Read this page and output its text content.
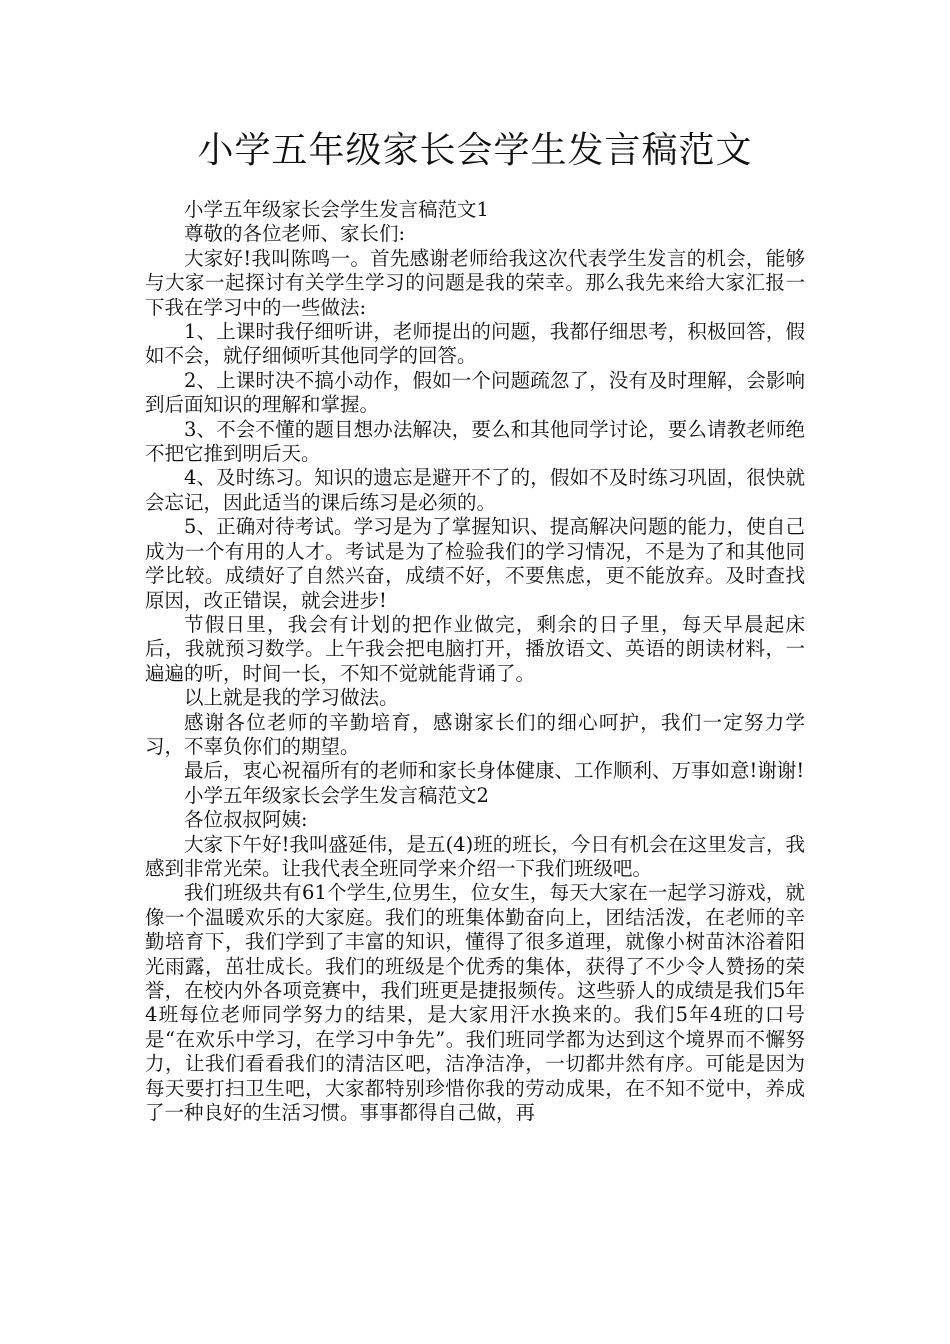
小学五年级家长会学生发言稿范文

小学五年级家长会学生发言稿范文1

尊敬的各位老师、家长们:

大家好!我叫陈鸣一。首先感谢老师给我这次代表学生发言的机会，能够与大家一起探讨有关学生学习的问题是我的荣幸。那么我先来给大家汇报一下我在学习中的一些做法:

1、上课时我仔细听讲，老师提出的问题，我都仔细思考，积极回答，假如不会，就仔细倾听其他同学的回答。

2、上课时决不搞小动作，假如一个问题疏忽了，没有及时理解，会影响到后面知识的理解和掌握。

3、不会不懂的题目想办法解决，要么和其他同学讨论，要么请教老师绝不把它推到明后天。

4、及时练习。知识的遗忘是避开不了的，假如不及时练习巩固，很快就会忘记，因此适当的课后练习是必须的。

5、正确对待考试。学习是为了掌握知识、提高解决问题的能力，使自己成为一个有用的人才。考试是为了检验我们的学习情况，不是为了和其他同学比较。成绩好了自然兴奋，成绩不好，不要焦虑，更不能放弃。及时查找原因，改正错误，就会进步!

节假日里，我会有计划的把作业做完，剩余的日子里，每天早晨起床后，我就预习数学。上午我会把电脑打开，播放语文、英语的朗读材料，一遍遍的听，时间一长，不知不觉就能背诵了。

以上就是我的学习做法。

感谢各位老师的辛勤培育，感谢家长们的细心呵护，我们一定努力学习，不辜负你们的期望。

最后，衷心祝福所有的老师和家长身体健康、工作顺利、万事如意!谢谢!

小学五年级家长会学生发言稿范文2

各位叔叔阿姨:

大家下午好!我叫盛延伟，是五(4)班的班长，今日有机会在这里发言，我感到非常光荣。让我代表全班同学来介绍一下我们班级吧。

我们班级共有61个学生,位男生，位女生，每天大家在一起学习游戏，就像一个温暖欢乐的大家庭。我们的班集体勤奋向上，团结活泼，在老师的辛勤培育下，我们学到了丰富的知识，懂得了很多道理，就像小树苗沐浴着阳光雨露，茁壮成长。我们的班级是个优秀的集体，获得了不少令人赞扬的荣誉，在校内外各项竞赛中，我们班更是捷报频传。这些骄人的成绩是我们5年4班每位老师同学努力的结果，是大家用汗水换来的。我们5年4班的口号是“在欢乐中学习，在学习中争先”。我们班同学都为达到这个境界而不懈努力，让我们看看我们的清洁区吧，洁净洁净，一切都井然有序。可能是因为每天要打扫卫生吧，大家都特别珍惜你我的劳动成果，在不知不觉中，养成了一种良好的生活习惯。事事都得自己做，再
